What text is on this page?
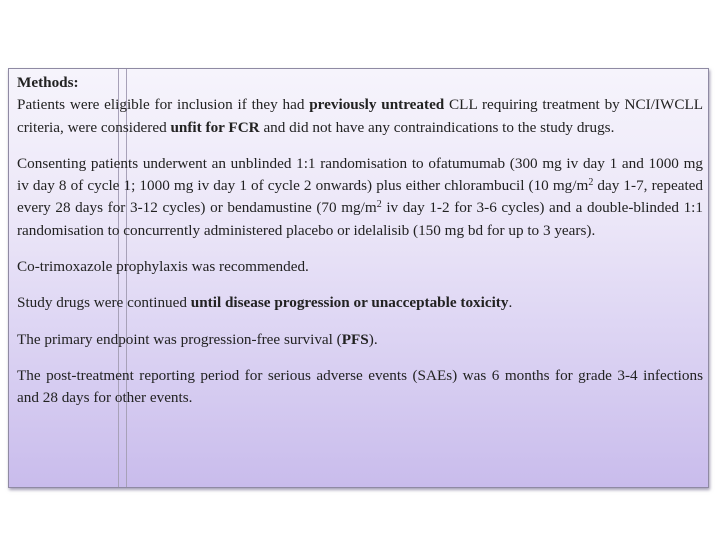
Methods:

Patients were eligible for inclusion if they had previously untreated CLL requiring treatment by NCI/IWCLL criteria, were considered unfit for FCR and did not have any contraindications to the study drugs.

Consenting patients underwent an unblinded 1:1 randomisation to ofatumumab (300 mg iv day 1 and 1000 mg iv day 8 of cycle 1; 1000 mg iv day 1 of cycle 2 onwards) plus either chlorambucil (10 $mg/m^2$ day 1-7, repeated every 28 days for 3-12 cycles) or bendamustine (70 $mg/m^2$ iv day 1-2 for 3-6 cycles) and a double-blinded 1:1 randomisation to concurrently administered placebo or idelalisib (150 mg bd for up to 3 years).

Co-trimoxazole prophylaxis was recommended.

Study drugs were continued until disease progression or unacceptable toxicity.

The primary endpoint was progression-free survival (PFS).

The post-treatment reporting period for serious adverse events (SAEs) was 6 months for grade 3-4 infections and 28 days for other events.
